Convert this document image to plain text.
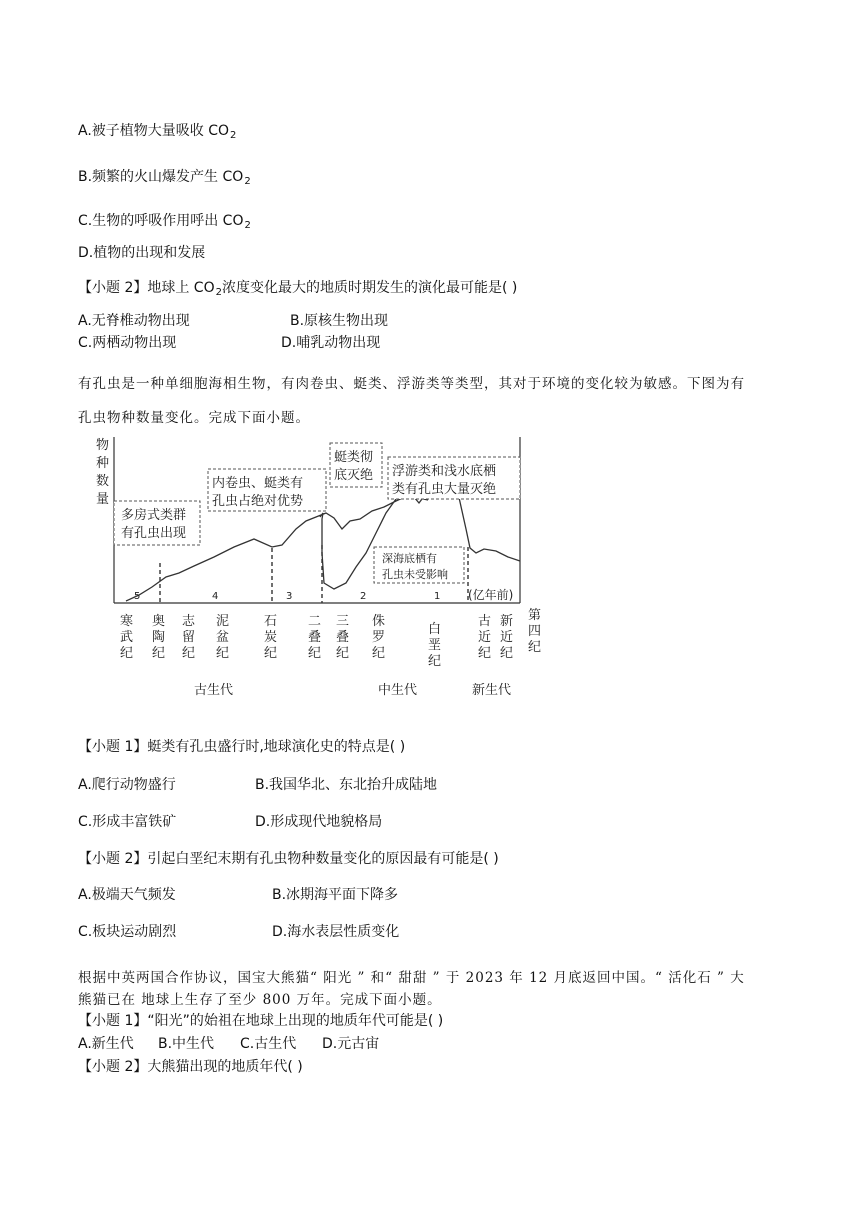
A.被子植物大量吸收 $CO_2$
B.频繁的火山爆发产生 $CO_2$
C.生物的呼吸作用呼出 $CO_2$
D.植物的出现和发展
【小题 2】地球上 $CO_2$浓度变化最大的地质时期发生的演化最可能是( )
A.无脊椎动物出现	B.原核生物出现
C.两栖动物出现	D.哺乳动物出现
有孔虫是一种单细胞海相生物，有肉卷虫、蜓类、浮游类等类型，其对于环境的变化较为敏感。下图为有
孔虫物种数量变化。完成下面小题。
物
种
数
量
多房式类群
有孔虫出现
内卷虫、蜓类有
孔虫占绝对优势
蜓类彻
底灭绝 浮游类和浅水底栖
类有孔虫大量灭绝
深海底栖有
孔虫未受影响
5	4	3	2	1 (亿年前)
寒武纪
奥陶纪
志留纪
泥盆纪
石炭纪
二叠纪
三叠纪
侏罗纪
白垩纪
古近纪
新近纪
第四纪
古生代	中生代	新生代
【小题 1】蜓类有孔虫盛行时,地球演化史的特点是( )
A.爬行动物盛行	B.我国华北、东北抬升成陆地
C.形成丰富铁矿	D.形成现代地貌格局
【小题 2】引起白垩纪末期有孔虫物种数量变化的原因最有可能是( )
A.极端天气频发	B.冰期海平面下降多
C.板块运动剧烈	D.海水表层性质变化
根据中英两国合作协议，国宝大熊猫“ 阳光 ” 和“ 甜甜 ” 于 2023 年 12 月底返回中国。“ 活化石 ” 大
熊猫已在 地球上生存了至少 800 万年。完成下面小题。
【小题 1】“阳光”的始祖在地球上出现的地质年代可能是( )
A.新生代 B.中生代 C.古生代 D.元古宙
【小题 2】大熊猫出现的地质年代( )
